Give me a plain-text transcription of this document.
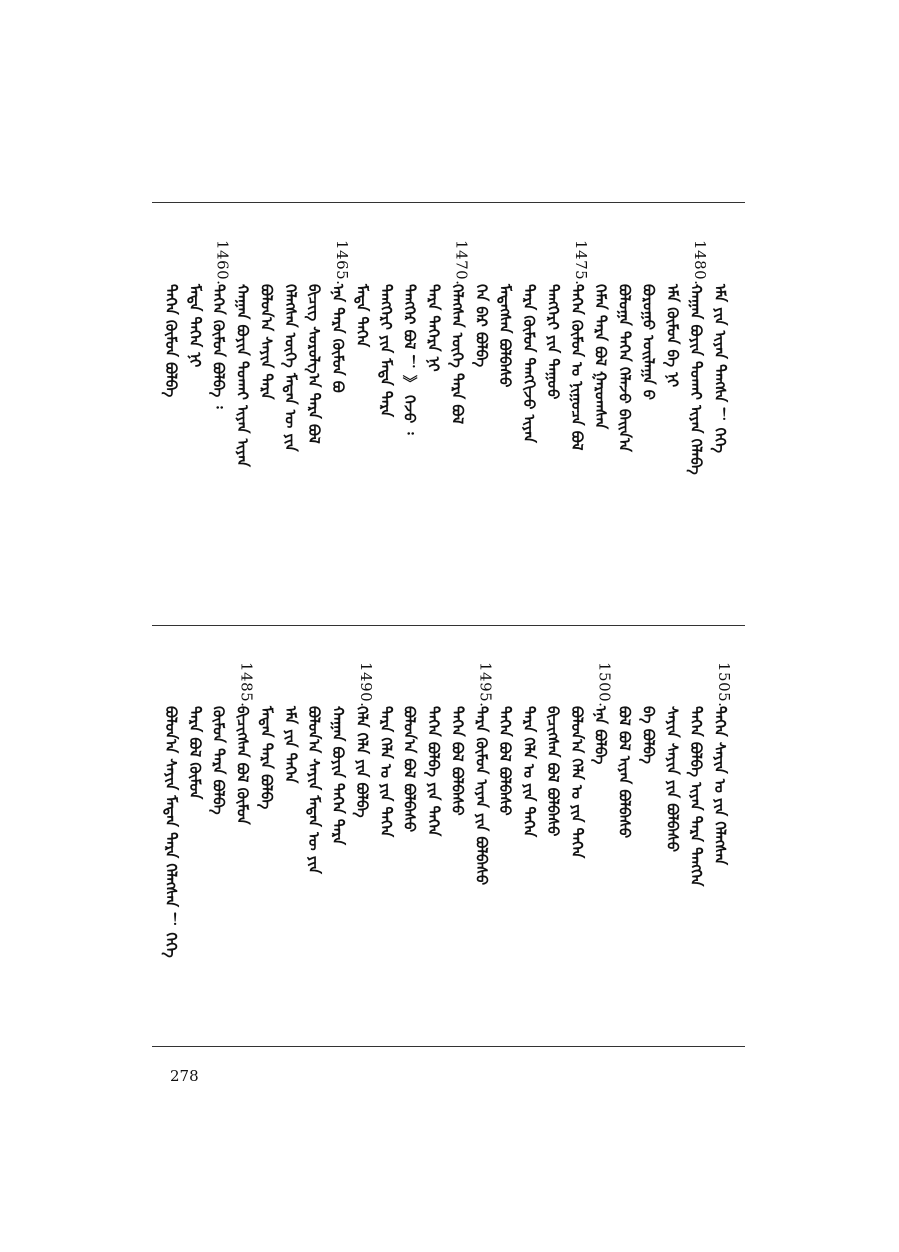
ᠡᠮᠡ ᠶᠢᠨ ᠢᠶᠡᠨ ᠲᠠᠩᠰᠠ ！ ᠬᠡᠭᠡ
1480.
ᠬᠠᠭᠠᠨ ᠪᠣᠶᠢᠨ ᠲᠤᠬᠠᠢ ᠢᠶᠡᠨ ᠬᠡᠯᠡᠪᠡ
ᠡᠮᠡ ᠬᠦᠮᠦᠨ ᠪᠠ ᠨᠢ
ᠪᠤᠷᠤᠭᠤ ᠣᠢᠯᠠᠭᠠ ᠪ
ᠪᠣᠯᠣᠭᠠ ᠲᠡᠭᠡᠨ ᠬᠡᠯᠡᠵᠦ ᠪᠠᠢᠨ᠎ᠠ
ᠬᠡᠮᠡᠨ ᠲᠡᠷᠡ ᠪᠣᠯ ᠭᠠᠷᠤᠭᠰᠠᠨ
1475.
ᠲᠡᠭᠡᠨ ᠬᠦᠮᠦᠨ ᠤ ᠨᠢᠭᠤᠴᠠ ᠪᠣᠯ
ᠲᠡᠩᠭᠡᠷᠢ ᠶᠢᠨ ᠳᠠᠭᠤᠤ
ᠲᠡᠷᠡ ᠬᠦᠮᠦᠨ ᠲᠡᠩᠭᠢᠵᠦ ᠢᠶᠡᠨ
ᠮᠡᠳᠡᠭᠰᠡᠨ ᠪᠣᠯᠪᠠᠰᠤ
ᠬᠡᠨ ᠪᠠᠷ ᠪᠣᠯᠪᠠ
1470.
ᠬᠡᠯᠡᠭᠰᠡᠨ ᠦᠭᠡ ᠲᠡᠷᠡ ᠪᠣᠯ
ᠲᠡᠷᠡ ᠳᠡᠭᠡᠷᠡ ᠨᠢ
ᠲᠡᠩᠭᠡᠷ ᠪᠣᠯ ！ 》 ᠭᠡᠵᠦ ᠄
ᠲᠡᠩᠭᠡᠷᠢ ᠶᠢᠨ ᠮᠡᠳᠡ ᠲᠡᠷᠡ
ᠮᠡᠳᠡ ᠲᠡᠭᠡᠨ
1465.
ᠡᠨᠡ ᠲᠡᠷᠡ ᠬᠦᠮᠦᠨ ᠪᠣ
ᠪᠢᠴᠢᠭ ᠰᠤᠷᠤᠯᠭ᠎ᠠ ᠲᠡᠷᠡ ᠪᠣᠯ
ᠬᠡᠯᠡᠭᠰᠡᠨ ᠦᠭᠡ ᠮᠡᠳᠡᠨ ᠦ ᠶᠢᠨ
ᠪᠣᠯᠤᠨ᠎ᠠ ᠰᠠᠶᠢᠨ ᠲᠡᠷᠡ
ᠬᠠᠭᠠᠨ ᠪᠣᠶᠢᠨ ᠲᠤᠬᠠᠢ ᠢᠶᠡᠨ ᠢᠶᠡᠨ
1460.
ᠲᠡᠭᠡᠨ ᠬᠦᠮᠦᠨ ᠪᠣᠯᠪᠠ ᠄
ᠮᠡᠳᠡ ᠲᠡᠭᠡᠨ ᠨᠢ
ᠲᠡᠭᠡᠨ ᠬᠦᠮᠦᠨ ᠪᠣᠯᠪᠠ
1505.
ᠲᠡᠭᠡᠨ ᠰᠠᠶᠢᠨ ᠤ ᠶᠢᠨ ᠬᠡᠯᠡᠭᠰᠡᠨ
ᠲᠡᠭᠡᠨ ᠪᠣᠯᠪᠠ ᠢᠶᠡᠨ ᠲᠡᠷᠡ ᠲᠡᠩᠭᠡᠨ
ᠰᠠᠶᠢᠨ ᠰᠠᠶᠢᠨ ᠶᠢᠨ ᠪᠣᠯᠪᠠᠰᠤ
ᠪᠠ ᠪᠣᠯᠪᠠ
ᠪᠣᠯ ᠪᠣᠯ ᠢᠶᠡᠨ ᠪᠣᠯᠪᠠᠰᠤ
1500.
ᠡᠨᠡ ᠪᠣᠯᠪᠠ
ᠪᠣᠯᠤᠨ᠎ᠠ ᠬᠡᠯᠡ ᠤ ᠶᠢᠨ ᠲᠡᠭᠡᠨ
ᠪᠢᠴᠢᠭᠰᠡᠨ ᠪᠣᠯ ᠪᠣᠯᠪᠠᠰᠤ
ᠲᠡᠷᠡ ᠬᠡᠯᠡ ᠤ ᠶᠢᠨ ᠲᠡᠭᠡᠨ
ᠲᠡᠭᠡᠨ ᠪᠣᠯ ᠪᠣᠯᠪᠠᠰᠤ
1495.
ᠲᠡᠷᠡ ᠬᠦᠮᠦᠨ ᠢᠶᠡᠨ ᠶᠢᠨ ᠪᠣᠯᠪᠠᠰᠤ
ᠲᠡᠭᠡᠨ ᠪᠣᠯ ᠪᠣᠯᠪᠠᠰᠤ
ᠲᠡᠭᠡᠨ ᠪᠣᠯᠪᠠ ᠶᠢᠨ ᠲᠡᠭᠡᠨ
ᠪᠣᠯᠤᠨ᠎ᠠ ᠪᠣᠯ ᠪᠣᠯᠪᠠᠰᠤ
ᠲᠡᠷᠡ ᠬᠡᠯᠡ ᠤ ᠶᠢᠨ ᠲᠡᠭᠡᠨ
1490.
ᠬᠡᠯᠡ ᠬᠡᠯᠡ ᠶᠢᠨ ᠪᠣᠯᠪᠠ
ᠬᠠᠭᠠᠨ ᠪᠣᠶᠢᠨ ᠲᠡᠭᠡᠨ ᠲᠡᠷᠡ
ᠪᠣᠯᠤᠨ᠎ᠠ ᠰᠠᠶᠢᠨ ᠮᠡᠳᠡᠨ ᠦ ᠶᠢᠨ
ᠡᠮᠡ ᠶᠢᠨ ᠲᠡᠭᠡᠨ
ᠮᠡᠳᠡᠨ ᠲᠡᠷᠡ ᠪᠣᠯᠪᠠ
1485.
ᠪᠢᠴᠢᠭᠰᠡᠨ ᠪᠣᠯ ᠬᠦᠮᠦᠨ
ᠬᠦᠮᠦᠨ ᠲᠡᠷᠡ ᠪᠣᠯᠪᠠ
ᠲᠡᠷᠡ ᠪᠣᠯ ᠬᠦᠮᠦᠨ
ᠪᠣᠯᠤᠨ᠎ᠠ ᠰᠠᠶᠢᠨ ᠮᠡᠳᠡᠨ ᠲᠡᠷᠡ ᠬᠡᠯᠡᠭᠰᠡᠨ ！ ᠬᠡᠭᠡ
278
